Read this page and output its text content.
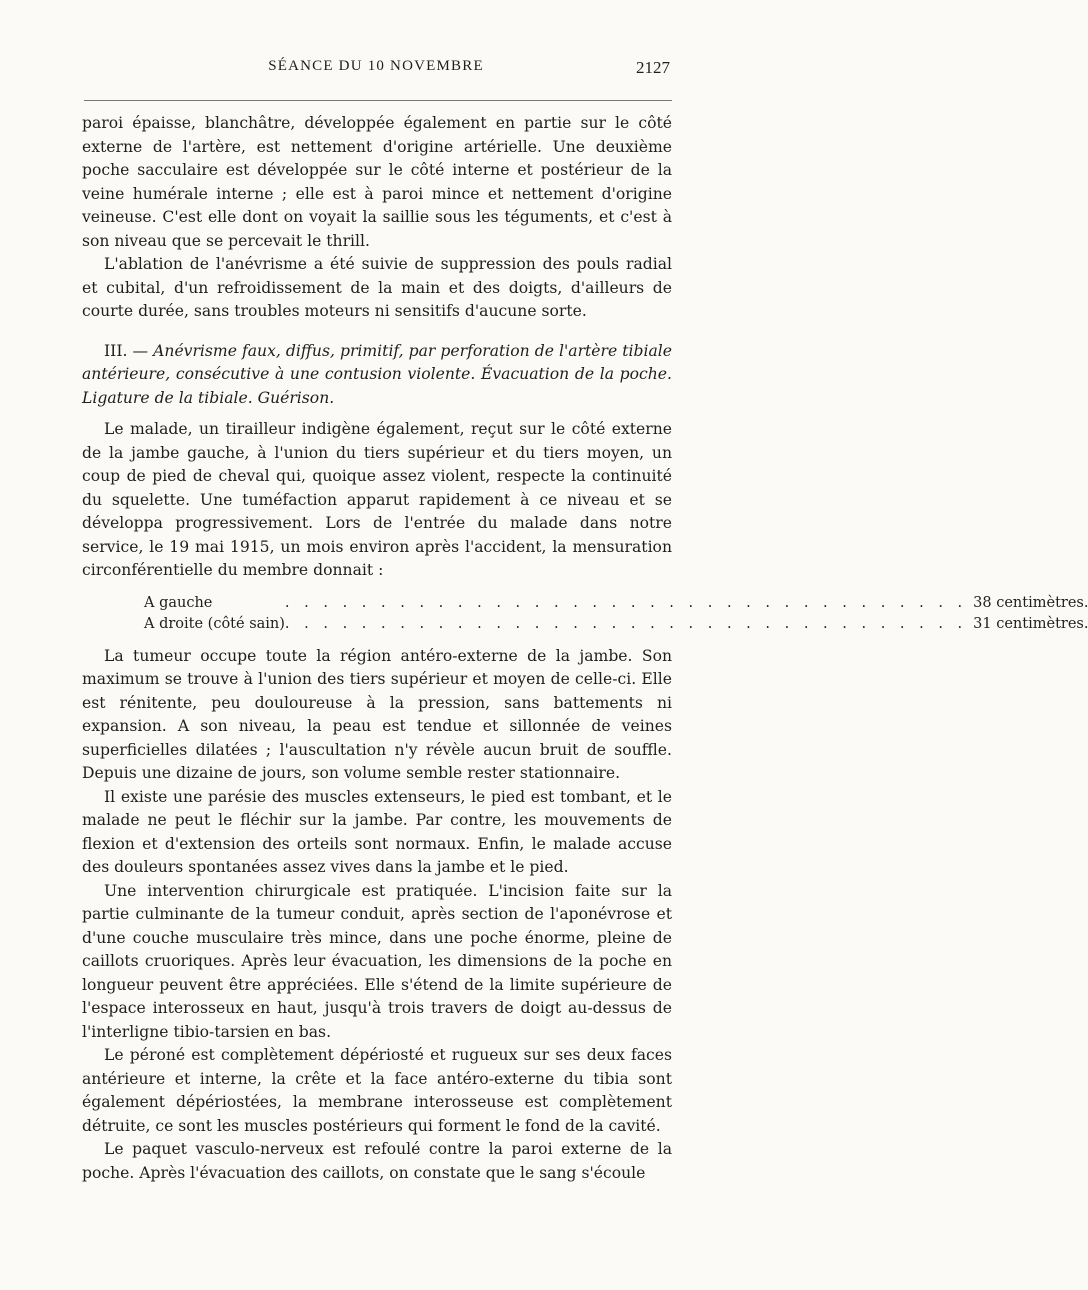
SÉANCE DU 10 NOVEMBRE	2127

paroi épaisse, blanchâtre, développée également en partie sur le côté externe de l'artère, est nettement d'origine artérielle. Une deuxième poche sacculaire est développée sur le côté interne et postérieur de la veine humérale interne ; elle est à paroi mince et nettement d'origine veineuse. C'est elle dont on voyait la saillie sous les téguments, et c'est à son niveau que se percevait le thrill.

L'ablation de l'anévrisme a été suivie de suppression des pouls radial et cubital, d'un refroidissement de la main et des doigts, d'ailleurs de courte durée, sans troubles moteurs ni sensitifs d'aucune sorte.

III. — Anévrisme faux, diffus, primitif, par perforation de l'artère tibiale antérieure, consécutive à une contusion violente. Évacuation de la poche. Ligature de la tibiale. Guérison.

Le malade, un tirailleur indigène également, reçut sur le côté externe de la jambe gauche, à l'union du tiers supérieur et du tiers moyen, un coup de pied de cheval qui, quoique assez violent, respecte la continuité du squelette. Une tuméfaction apparut rapidement à ce niveau et se développa progressivement. Lors de l'entrée du malade dans notre service, le 19 mai 1915, un mois environ après l'accident, la mensuration circonférentielle du membre donnait :

A gauche	. . . . . . . . . . . . . . . . . . . . . . . . . . . . . . . . . . . .	38 centimètres.
A droite (côté sain)	. . . . . . . . . . . . . . . . . . . . . . . . . . . . . . . . . . . .	31 centimètres.

La tumeur occupe toute la région antéro-externe de la jambe. Son maximum se trouve à l'union des tiers supérieur et moyen de celle-ci. Elle est rénitente, peu douloureuse à la pression, sans battements ni expansion. A son niveau, la peau est tendue et sillonnée de veines superficielles dilatées ; l'auscultation n'y révèle aucun bruit de souffle. Depuis une dizaine de jours, son volume semble rester stationnaire.

Il existe une parésie des muscles extenseurs, le pied est tombant, et le malade ne peut le fléchir sur la jambe. Par contre, les mouvements de flexion et d'extension des orteils sont normaux. Enfin, le malade accuse des douleurs spontanées assez vives dans la jambe et le pied.

Une intervention chirurgicale est pratiquée. L'incision faite sur la partie culminante de la tumeur conduit, après section de l'aponévrose et d'une couche musculaire très mince, dans une poche énorme, pleine de caillots cruoriques. Après leur évacuation, les dimensions de la poche en longueur peuvent être appréciées. Elle s'étend de la limite supérieure de l'espace interosseux en haut, jusqu'à trois travers de doigt au-dessus de l'interligne tibio-tarsien en bas.

Le péroné est complètement dépériosté et rugueux sur ses deux faces antérieure et interne, la crête et la face antéro-externe du tibia sont également dépériostées, la membrane interosseuse est complètement détruite, ce sont les muscles postérieurs qui forment le fond de la cavité.

Le paquet vasculo-nerveux est refoulé contre la paroi externe de la poche. Après l'évacuation des caillots, on constate que le sang s'écoule
